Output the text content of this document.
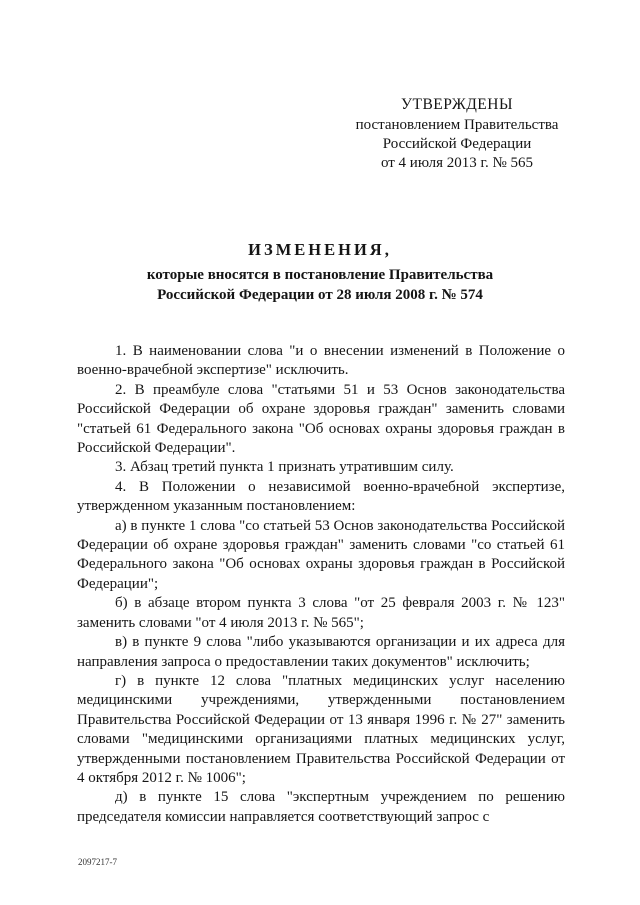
УТВЕРЖДЕНЫ
постановлением Правительства
Российской Федерации
от 4 июля 2013 г. № 565
ИЗМЕНЕНИЯ,
которые вносятся в постановление Правительства
Российской Федерации от 28 июля 2008 г. № 574

1. В наименовании слова "и о внесении изменений в Положение о военно-врачебной экспертизе" исключить.

2. В преамбуле слова "статьями 51 и 53 Основ законодательства Российской Федерации об охране здоровья граждан" заменить словами "статьей 61 Федерального закона "Об основах охраны здоровья граждан в Российской Федерации".

3. Абзац третий пункта 1 признать утратившим силу.

4. В Положении о независимой военно-врачебной экспертизе, утвержденном указанным постановлением:

а) в пункте 1 слова "со статьей 53 Основ законодательства Российской Федерации об охране здоровья граждан" заменить словами "со статьей 61 Федерального закона "Об основах охраны здоровья граждан в Российской Федерации";

б) в абзаце втором пункта 3 слова "от 25 февраля 2003 г. № 123" заменить словами "от 4 июля 2013 г. № 565";

в) в пункте 9 слова "либо указываются организации и их адреса для направления запроса о предоставлении таких документов" исключить;

г) в пункте 12 слова "платных медицинских услуг населению медицинскими учреждениями, утвержденными постановлением Правительства Российской Федерации от 13 января 1996 г. № 27" заменить словами "медицинскими организациями платных медицинских услуг, утвержденными постановлением Правительства Российской Федерации от 4 октября 2012 г. № 1006";

д) в пункте 15 слова "экспертным учреждением по решению председателя комиссии направляется соответствующий запрос с

2097217-7
